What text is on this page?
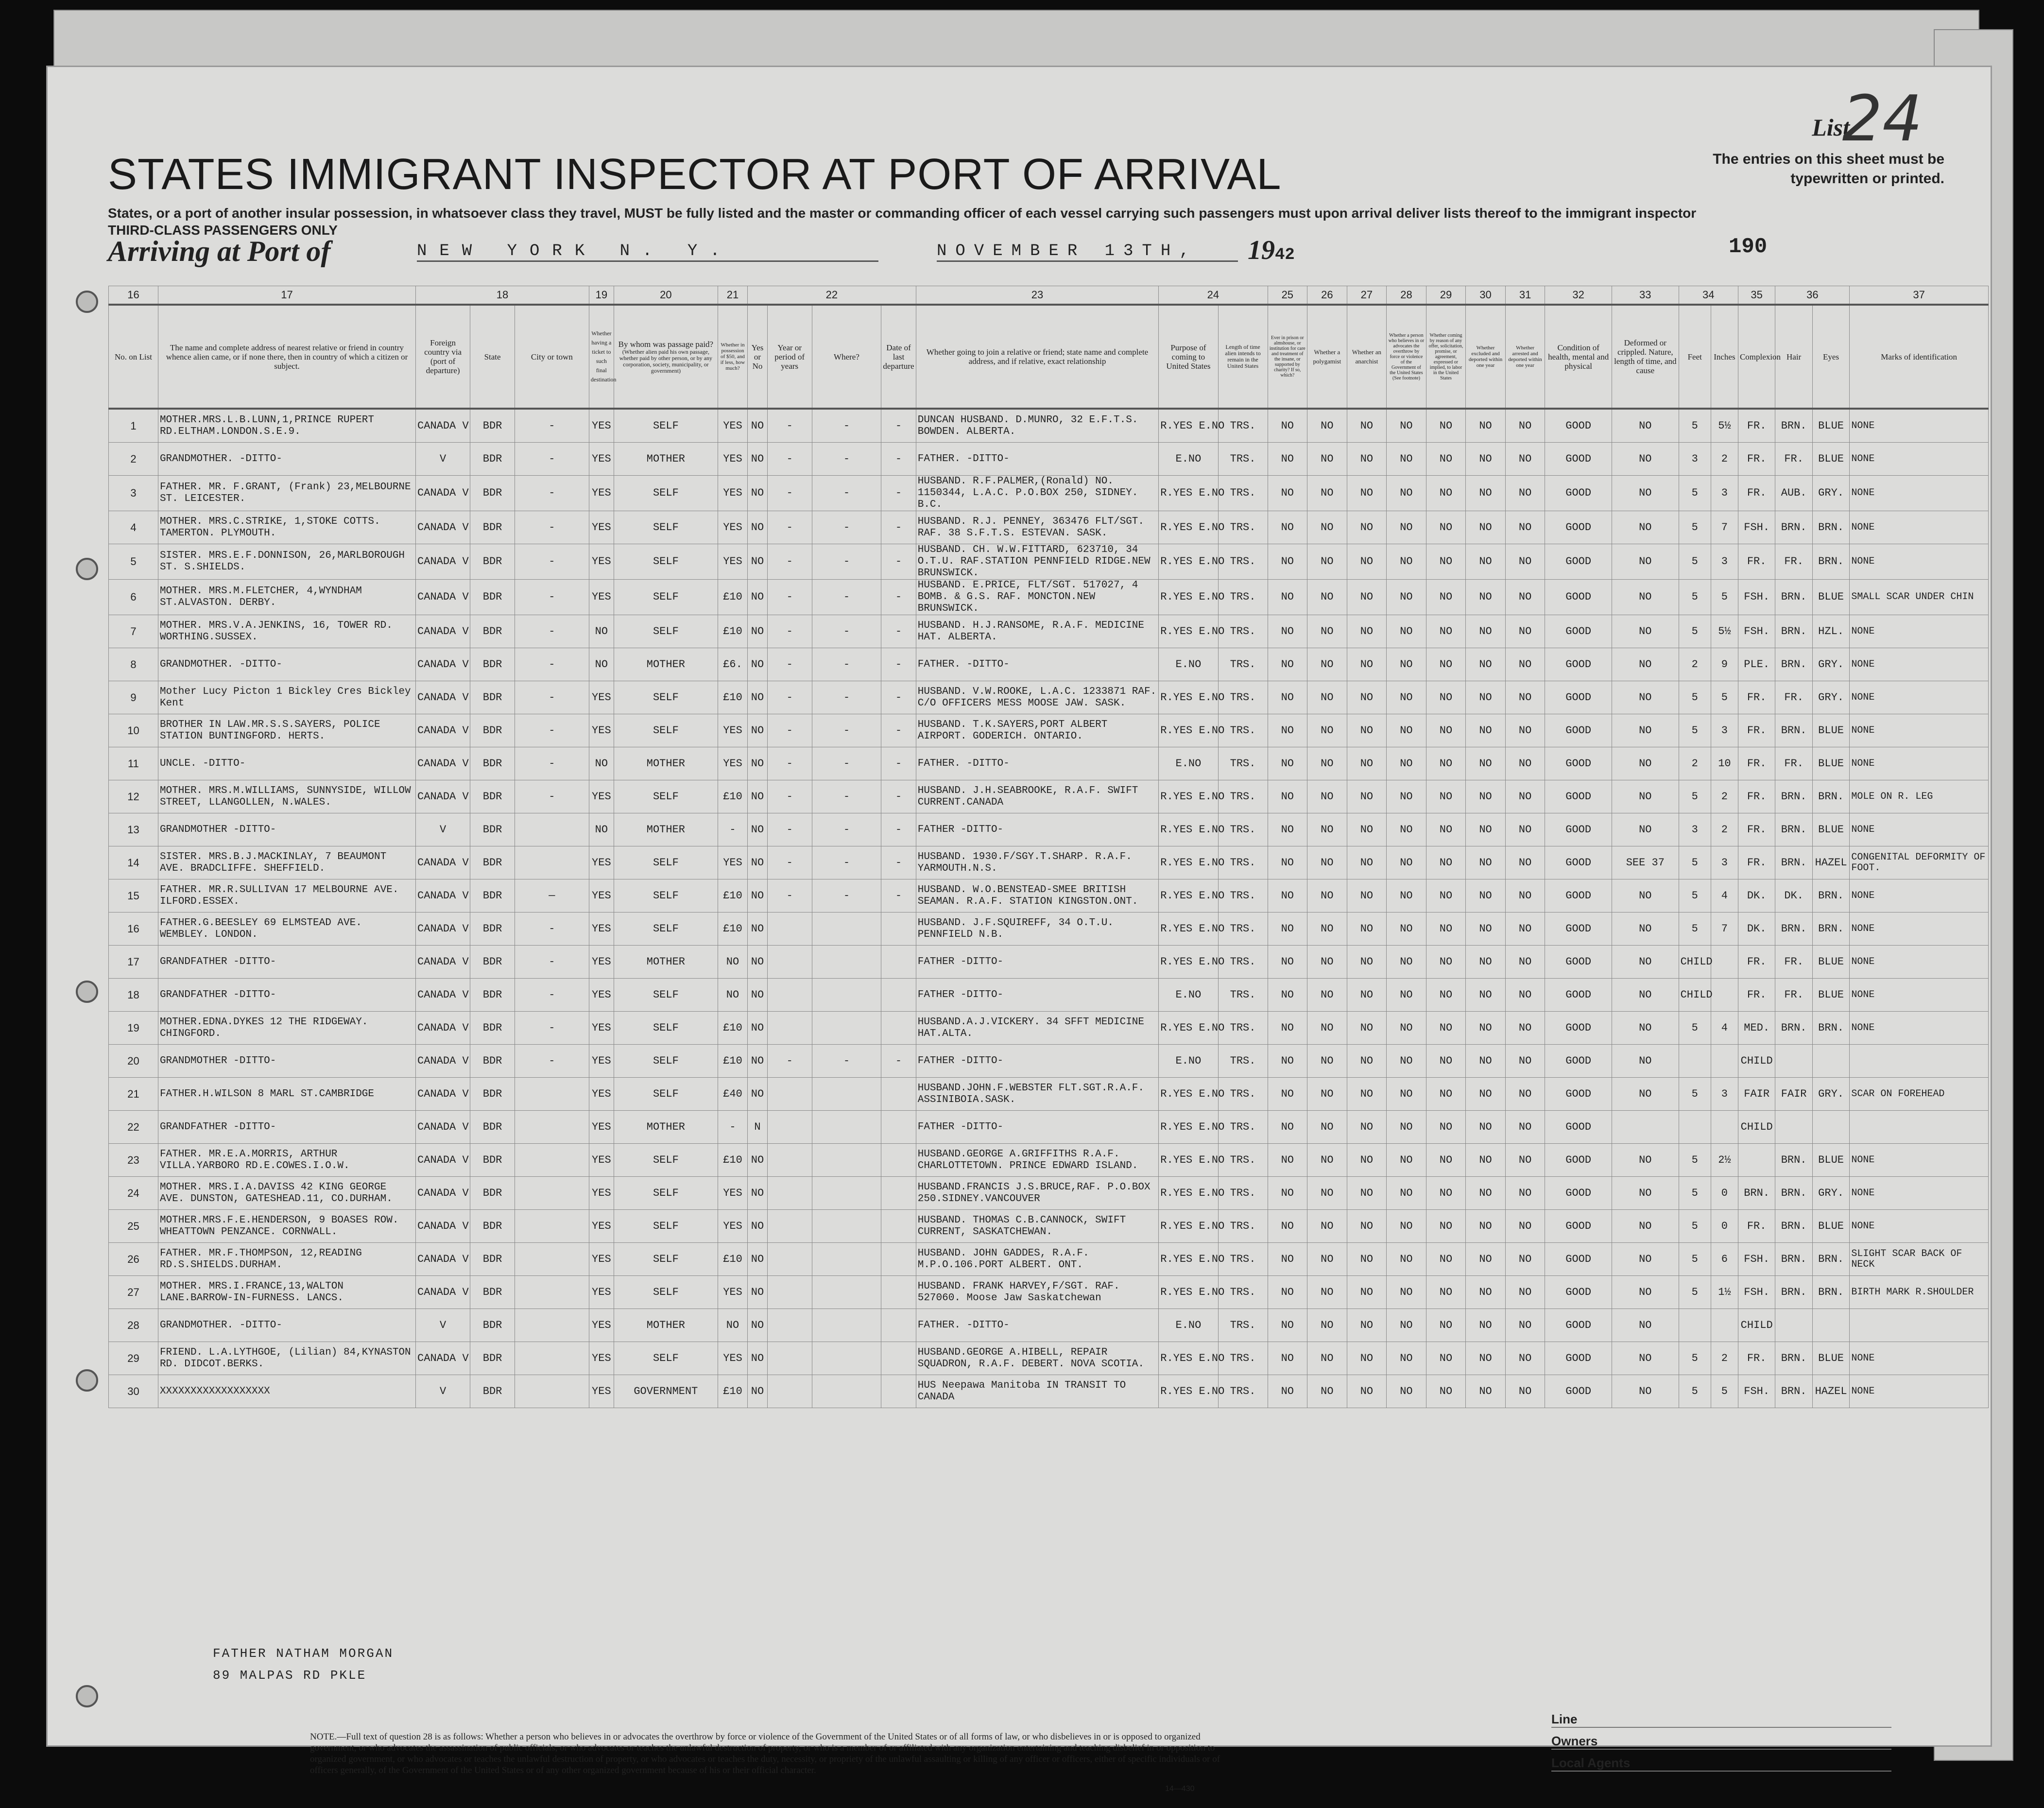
List
24
STATES IMMIGRANT INSPECTOR AT PORT OF ARRIVAL	The entries on this sheet must be typewritten or printed.
States, or a port of another insular possession, in whatsoever class they travel, MUST be fully listed and the master or commanding officer of each vessel carrying such passengers must upon arrival deliver lists thereof to the immigrant inspector
THIRD-CLASS PASSENGERS ONLY
Arriving at Port of	NEW YORK N. Y.	NOVEMBER 13TH,	1942	190
16	17	18			19	20	21	22				23	24		25	26	27	28	29	30	31	32	33	34		35	36		37
No. on List	The name and complete address of nearest relative or friend in country whence alien came, or if none there, then in country of which a citizen or subject.	Foreign country via (port of departure)	State	City or town	Whether having a ticket to such final destination	By whom was passage paid?
(Whether alien paid his own passage, whether paid by other person, or by any corporation, society, municipality, or government)	Whether in possession of $50, and if less, how much?	Yes or No	Year or period of years	Where?	Date of last departure	Whether going to join a relative or friend; state name and complete address, and if relative, exact relationship	Purpose of coming to United States	Length of time alien intends to remain in the United States	Ever in prison or almshouse, or institution for care and treatment of the insane, or supported by charity? If so, which?	Whether a polygamist	Whether an anarchist	Whether a person who believes in or advocates the overthrow by force or violence of the Government of the United States (See footnote)	Whether coming by reason of any offer, solicitation, promise, or agreement, expressed or implied, to labor in the United States	Whether excluded and deported within one year	Whether arrested and deported within one year	Condition of health, mental and physical	Deformed or crippled. Nature, length of time, and cause	Feet	Inches	Complexion	Hair	Eyes	Marks of identification
1	MOTHER.MRS.L.B.LUNN,1,PRINCE RUPERT RD.ELTHAM.LONDON.S.E.9.	CANADA V	BDR	-	YES	SELF	YES	NO	-	-	-	DUNCAN HUSBAND. D.MUNRO, 32 E.F.T.S. BOWDEN. ALBERTA.	R.YES E.NO	TRS.	NO	NO	NO	NO	NO	NO	NO	GOOD	NO	5	5½	FR.	BRN.	BLUE	NONE
2	GRANDMOTHER. -DITTO-	V	BDR	-	YES	MOTHER	YES	NO	-	-	-	FATHER. -DITTO-	E.NO	TRS.	NO	NO	NO	NO	NO	NO	NO	GOOD	NO	3	2	FR.	FR.	BLUE	NONE
3	FATHER. MR. F.GRANT, (Frank) 23,MELBOURNE ST. LEICESTER.	CANADA V	BDR	-	YES	SELF	YES	NO	-	-	-	HUSBAND. R.F.PALMER,(Ronald) NO. 1150344, L.A.C. P.O.BOX 250, SIDNEY. B.C.	R.YES E.NO	TRS.	NO	NO	NO	NO	NO	NO	NO	GOOD	NO	5	3	FR.	AUB.	GRY.	NONE
4	MOTHER. MRS.C.STRIKE, 1,STOKE COTTS. TAMERTON. PLYMOUTH.	CANADA V	BDR	-	YES	SELF	YES	NO	-	-	-	HUSBAND. R.J. PENNEY, 363476 FLT/SGT. RAF. 38 S.F.T.S. ESTEVAN. SASK.	R.YES E.NO	TRS.	NO	NO	NO	NO	NO	NO	NO	GOOD	NO	5	7	FSH.	BRN.	BRN.	NONE
5	SISTER. MRS.E.F.DONNISON, 26,MARLBOROUGH ST. S.SHIELDS.	CANADA V	BDR	-	YES	SELF	YES	NO	-	-	-	HUSBAND. CH. W.W.FITTARD, 623710, 34 O.T.U. RAF.STATION PENNFIELD RIDGE.NEW BRUNSWICK.	R.YES E.NO	TRS.	NO	NO	NO	NO	NO	NO	NO	GOOD	NO	5	3	FR.	FR.	BRN.	NONE
6	MOTHER. MRS.M.FLETCHER, 4,WYNDHAM ST.ALVASTON. DERBY.	CANADA V	BDR	-	YES	SELF	£10	NO	-	-	-	HUSBAND. E.PRICE, FLT/SGT. 517027, 4 BOMB. & G.S. RAF. MONCTON.NEW BRUNSWICK.	R.YES E.NO	TRS.	NO	NO	NO	NO	NO	NO	NO	GOOD	NO	5	5	FSH.	BRN.	BLUE	SMALL SCAR UNDER CHIN
7	MOTHER. MRS.V.A.JENKINS, 16, TOWER RD. WORTHING.SUSSEX.	CANADA V	BDR	-	NO	SELF	£10	NO	-	-	-	HUSBAND. H.J.RANSOME, R.A.F. MEDICINE HAT. ALBERTA.	R.YES E.NO	TRS.	NO	NO	NO	NO	NO	NO	NO	GOOD	NO	5	5½	FSH.	BRN.	HZL.	NONE
8	GRANDMOTHER. -DITTO-	CANADA V	BDR	-	NO	MOTHER	£6.	NO	-	-	-	FATHER. -DITTO-	E.NO	TRS.	NO	NO	NO	NO	NO	NO	NO	GOOD	NO	2	9	PLE.	BRN.	GRY.	NONE
9	Mother Lucy Picton 1 Bickley Cres Bickley Kent	CANADA V	BDR	-	YES	SELF	£10	NO	-	-	-	HUSBAND. V.W.ROOKE, L.A.C. 1233871 RAF. C/O OFFICERS MESS MOOSE JAW. SASK.	R.YES E.NO	TRS.	NO	NO	NO	NO	NO	NO	NO	GOOD	NO	5	5	FR.	FR.	GRY.	NONE
10	BROTHER IN LAW.MR.S.S.SAYERS, POLICE STATION BUNTINGFORD. HERTS.	CANADA V	BDR	-	YES	SELF	YES	NO	-	-	-	HUSBAND. T.K.SAYERS,PORT ALBERT AIRPORT. GODERICH. ONTARIO.	R.YES E.NO	TRS.	NO	NO	NO	NO	NO	NO	NO	GOOD	NO	5	3	FR.	BRN.	BLUE	NONE
11	UNCLE. -DITTO-	CANADA V	BDR	-	NO	MOTHER	YES	NO	-	-	-	FATHER. -DITTO-	E.NO	TRS.	NO	NO	NO	NO	NO	NO	NO	GOOD	NO	2	10	FR.	FR.	BLUE	NONE
12	MOTHER. MRS.M.WILLIAMS, SUNNYSIDE, WILLOW STREET, LLANGOLLEN, N.WALES.	CANADA V	BDR	-	YES	SELF	£10	NO	-	-	-	HUSBAND. J.H.SEABROOKE, R.A.F. SWIFT CURRENT.CANADA	R.YES E.NO	TRS.	NO	NO	NO	NO	NO	NO	NO	GOOD	NO	5	2	FR.	BRN.	BRN.	MOLE ON R. LEG
13	GRANDMOTHER -DITTO-	V	BDR		NO	MOTHER	-	NO	-	-	-	FATHER -DITTO-	R.YES E.NO	TRS.	NO	NO	NO	NO	NO	NO	NO	GOOD	NO	3	2	FR.	BRN.	BLUE	NONE
14	SISTER. MRS.B.J.MACKINLAY, 7 BEAUMONT AVE. BRADCLIFFE. SHEFFIELD.	CANADA V	BDR		YES	SELF	YES	NO	-	-	-	HUSBAND. 1930.F/SGY.T.SHARP. R.A.F. YARMOUTH.N.S.	R.YES E.NO	TRS.	NO	NO	NO	NO	NO	NO	NO	GOOD	SEE 37	5	3	FR.	BRN.	HAZEL	CONGENITAL DEFORMITY OF FOOT.
15	FATHER. MR.R.SULLIVAN 17 MELBOURNE AVE. ILFORD.ESSEX.	CANADA V	BDR	—	YES	SELF	£10	NO	-	-	-	HUSBAND. W.O.BENSTEAD-SMEE BRITISH SEAMAN. R.A.F. STATION KINGSTON.ONT.	R.YES E.NO	TRS.	NO	NO	NO	NO	NO	NO	NO	GOOD	NO	5	4	DK.	DK.	BRN.	NONE
16	FATHER.G.BEESLEY 69 ELMSTEAD AVE. WEMBLEY. LONDON.	CANADA V	BDR	-	YES	SELF	£10	NO				HUSBAND. J.F.SQUIREFF, 34 O.T.U. PENNFIELD N.B.	R.YES E.NO	TRS.	NO	NO	NO	NO	NO	NO	NO	GOOD	NO	5	7	DK.	BRN.	BRN.	NONE
17	GRANDFATHER -DITTO-	CANADA V	BDR	-	YES	MOTHER	NO	NO				FATHER -DITTO-	R.YES E.NO	TRS.	NO	NO	NO	NO	NO	NO	NO	GOOD	NO	CHILD		FR.	FR.	BLUE	NONE
18	GRANDFATHER -DITTO-	CANADA V	BDR	-	YES	SELF	NO	NO				FATHER -DITTO-	E.NO	TRS.	NO	NO	NO	NO	NO	NO	NO	GOOD	NO	CHILD		FR.	FR.	BLUE	NONE
19	MOTHER.EDNA.DYKES 12 THE RIDGEWAY. CHINGFORD.	CANADA V	BDR	-	YES	SELF	£10	NO				HUSBAND.A.J.VICKERY. 34 SFFT MEDICINE HAT.ALTA.	R.YES E.NO	TRS.	NO	NO	NO	NO	NO	NO	NO	GOOD	NO	5	4	MED.	BRN.	BRN.	NONE
20	GRANDMOTHER -DITTO-	CANADA V	BDR	-	YES	SELF	£10	NO	-	-	-	FATHER -DITTO-	E.NO	TRS.	NO	NO	NO	NO	NO	NO	NO	GOOD	NO			CHILD			
21	FATHER.H.WILSON 8 MARL ST.CAMBRIDGE	CANADA V	BDR		YES	SELF	£40	NO				HUSBAND.JOHN.F.WEBSTER FLT.SGT.R.A.F. ASSINIBOIA.SASK.	R.YES E.NO	TRS.	NO	NO	NO	NO	NO	NO	NO	GOOD	NO	5	3	FAIR	FAIR	GRY.	SCAR ON FOREHEAD
22	GRANDFATHER -DITTO-	CANADA V	BDR		YES	MOTHER	-	N				FATHER -DITTO-	R.YES E.NO	TRS.	NO	NO	NO	NO	NO	NO	NO	GOOD				CHILD			
23	FATHER. MR.E.A.MORRIS, ARTHUR VILLA.YARBORO RD.E.COWES.I.O.W.	CANADA V	BDR		YES	SELF	£10	NO				HUSBAND.GEORGE A.GRIFFITHS R.A.F. CHARLOTTETOWN. PRINCE EDWARD ISLAND.	R.YES E.NO	TRS.	NO	NO	NO	NO	NO	NO	NO	GOOD	NO	5	2½		BRN.	BLUE	NONE
24	MOTHER. MRS.I.A.DAVISS 42 KING GEORGE AVE. DUNSTON, GATESHEAD.11, CO.DURHAM.	CANADA V	BDR		YES	SELF	YES	NO				HUSBAND.FRANCIS J.S.BRUCE,RAF. P.O.BOX 250.SIDNEY.VANCOUVER	R.YES E.NO	TRS.	NO	NO	NO	NO	NO	NO	NO	GOOD	NO	5	0	BRN.	BRN.	GRY.	NONE
25	MOTHER.MRS.F.E.HENDERSON, 9 BOASES ROW. WHEATTOWN PENZANCE. CORNWALL.	CANADA V	BDR		YES	SELF	YES	NO				HUSBAND. THOMAS C.B.CANNOCK, SWIFT CURRENT, SASKATCHEWAN.	R.YES E.NO	TRS.	NO	NO	NO	NO	NO	NO	NO	GOOD	NO	5	0	FR.	BRN.	BLUE	NONE
26	FATHER. MR.F.THOMPSON, 12,READING RD.S.SHIELDS.DURHAM.	CANADA V	BDR		YES	SELF	£10	NO				HUSBAND. JOHN GADDES, R.A.F. M.P.O.106.PORT ALBERT. ONT.	R.YES E.NO	TRS.	NO	NO	NO	NO	NO	NO	NO	GOOD	NO	5	6	FSH.	BRN.	BRN.	SLIGHT SCAR BACK OF NECK
27	MOTHER. MRS.I.FRANCE,13,WALTON LANE.BARROW-IN-FURNESS. LANCS.	CANADA V	BDR		YES	SELF	YES	NO				HUSBAND. FRANK HARVEY,F/SGT. RAF. 527060. Moose Jaw Saskatchewan	R.YES E.NO	TRS.	NO	NO	NO	NO	NO	NO	NO	GOOD	NO	5	1½	FSH.	BRN.	BRN.	BIRTH MARK R.SHOULDER
28	GRANDMOTHER. -DITTO-	V	BDR		YES	MOTHER	NO	NO				FATHER. -DITTO-	E.NO	TRS.	NO	NO	NO	NO	NO	NO	NO	GOOD	NO			CHILD			
29	FRIEND. L.A.LYTHGOE, (Lilian) 84,KYNASTON RD. DIDCOT.BERKS.	CANADA V	BDR		YES	SELF	YES	NO				HUSBAND.GEORGE A.HIBELL, REPAIR SQUADRON, R.A.F. DEBERT. NOVA SCOTIA.	R.YES E.NO	TRS.	NO	NO	NO	NO	NO	NO	NO	GOOD	NO	5	2	FR.	BRN.	BLUE	NONE
30	XXXXXXXXXXXXXXXXXX	V	BDR		YES	GOVERNMENT	£10	NO				HUS Neepawa Manitoba IN TRANSIT TO CANADA	R.YES E.NO	TRS.	NO	NO	NO	NO	NO	NO	NO	GOOD	NO	5	5	FSH.	BRN.	HAZEL	NONE
FATHER NATHAM MORGAN
89 MALPAS RD PKLE
NOTE.—Full text of question 28 is as follows: Whether a person who believes in or advocates the overthrow by force or violence of the Government of the United States or of all forms of law, or who disbelieves in or is opposed to organized government, or who advocates the assassination of public officials, or who advocates or teaches the unlawful destruction of property, or who is a member of or affiliated with any organization entertaining and teaching disbelief in or opposition to organized government, or who advocates or teaches the unlawful destruction of property, or who advocates or teaches the duty, necessity, or propriety of the unlawful assaulting or killing of any officer or officers, either of specific individuals or of officers generally, of the Government of the United States or of any other organized government because of his or their official character.
14—430
Line
Owners
Local Agents
